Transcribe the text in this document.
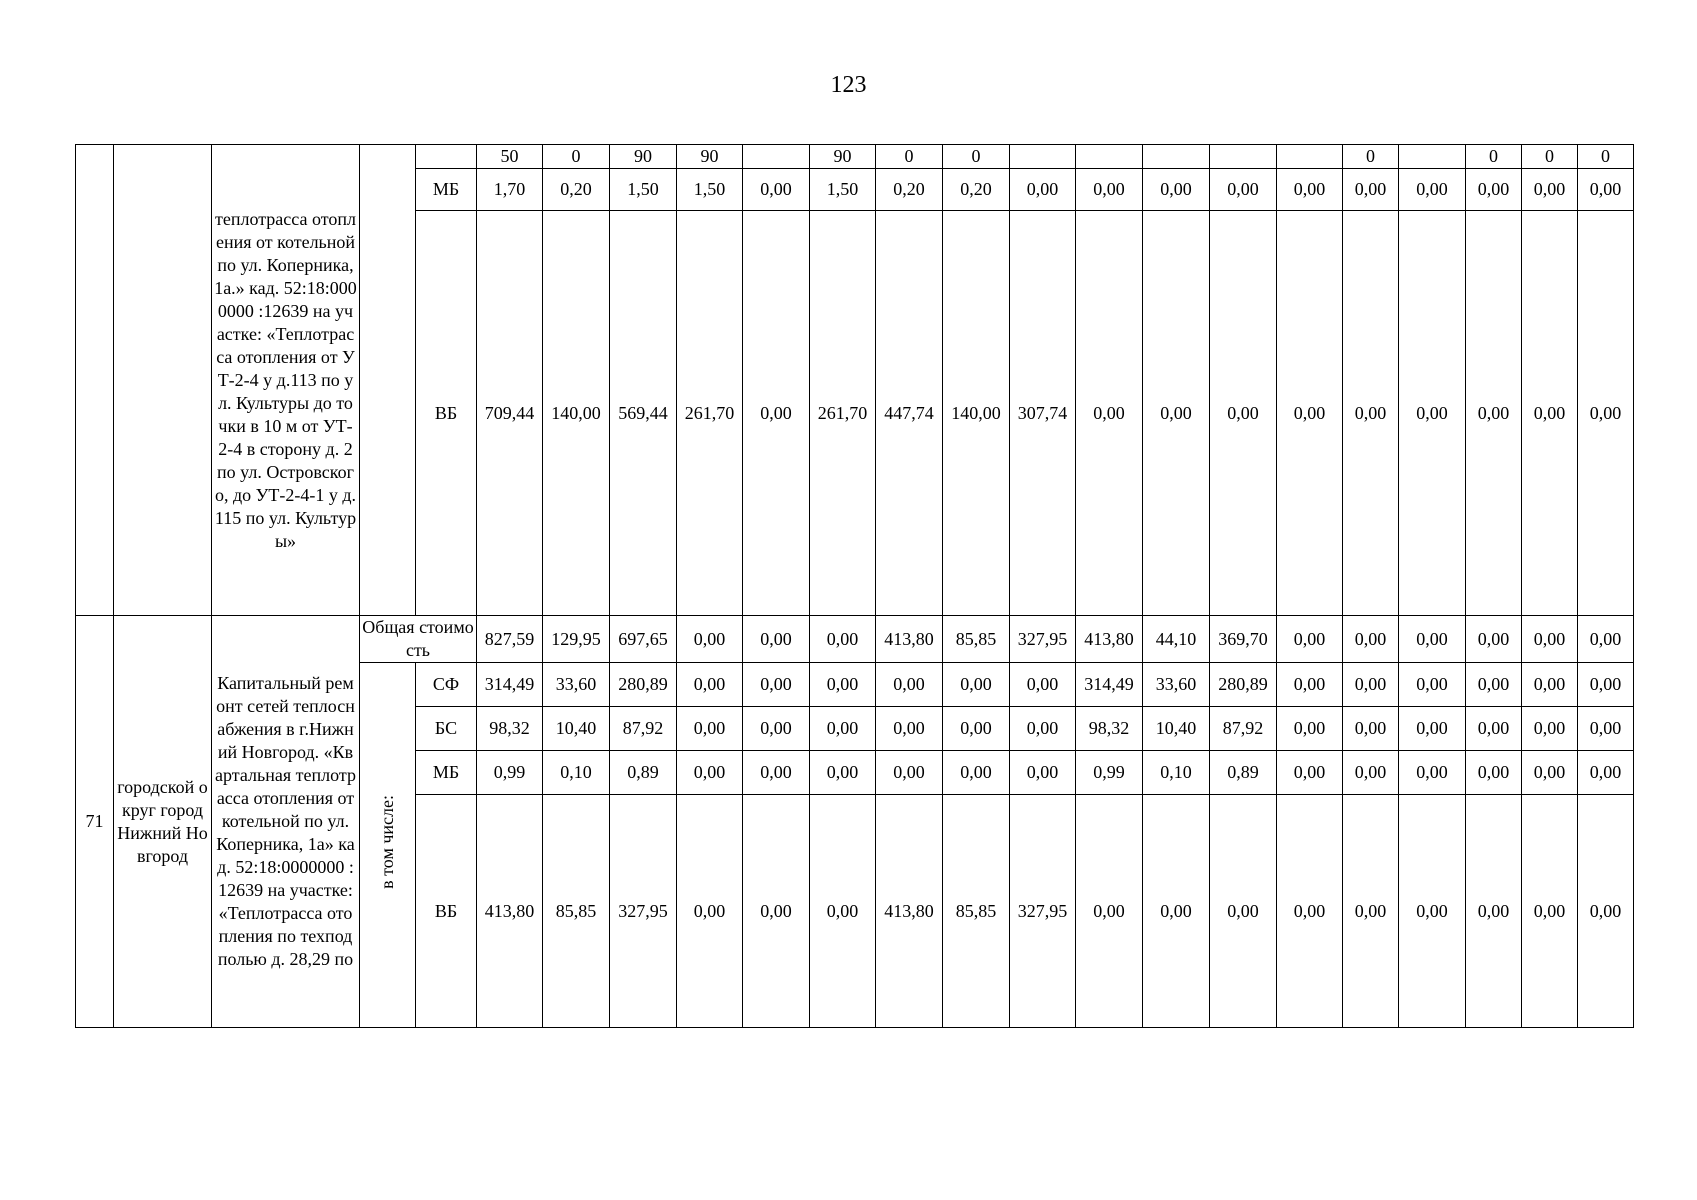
123
		теплотрасса отопления от котельной по ул. Коперника, 1а.» кад. 52:18:0000000 :12639 на участке: «Теплотрасса отопления от УТ-2-4 у д.113 по ул. Культуры до точки в 10 м от УТ-2-4 в сторону д. 2 по ул. Островского, до УТ-2-4-1 у д.115 по ул. Культуры»			50	0	90	90		90	0	0						0		0	0	0
				МБ	1,70	0,20	1,50	1,50	0,00	1,50	0,20	0,20	0,00	0,00	0,00	0,00	0,00	0,00	0,00	0,00	0,00	0,00
				ВБ	709,44	140,00	569,44	261,70	0,00	261,70	447,74	140,00	307,74	0,00	0,00	0,00	0,00	0,00	0,00	0,00	0,00	0,00
71	городской округ город Нижний Новгород	Капитальный ремонт сетей теплоснабжения в г.Нижний Новгород. «Квартальная теплотрасса отопления от котельной по ул. Коперника, 1а» кад. 52:18:0000000 :12639 на участке: «Теплотрасса отопления по техподполью д. 28,29 по	Общая стоимость		827,59	129,95	697,65	0,00	0,00	0,00	413,80	85,85	327,95	413,80	44,10	369,70	0,00	0,00	0,00	0,00	0,00	0,00
			в том числе:	СФ	314,49	33,60	280,89	0,00	0,00	0,00	0,00	0,00	0,00	314,49	33,60	280,89	0,00	0,00	0,00	0,00	0,00	0,00
				БС	98,32	10,40	87,92	0,00	0,00	0,00	0,00	0,00	0,00	98,32	10,40	87,92	0,00	0,00	0,00	0,00	0,00	0,00
				МБ	0,99	0,10	0,89	0,00	0,00	0,00	0,00	0,00	0,00	0,99	0,10	0,89	0,00	0,00	0,00	0,00	0,00	0,00
				ВБ	413,80	85,85	327,95	0,00	0,00	0,00	413,80	85,85	327,95	0,00	0,00	0,00	0,00	0,00	0,00	0,00	0,00	0,00
